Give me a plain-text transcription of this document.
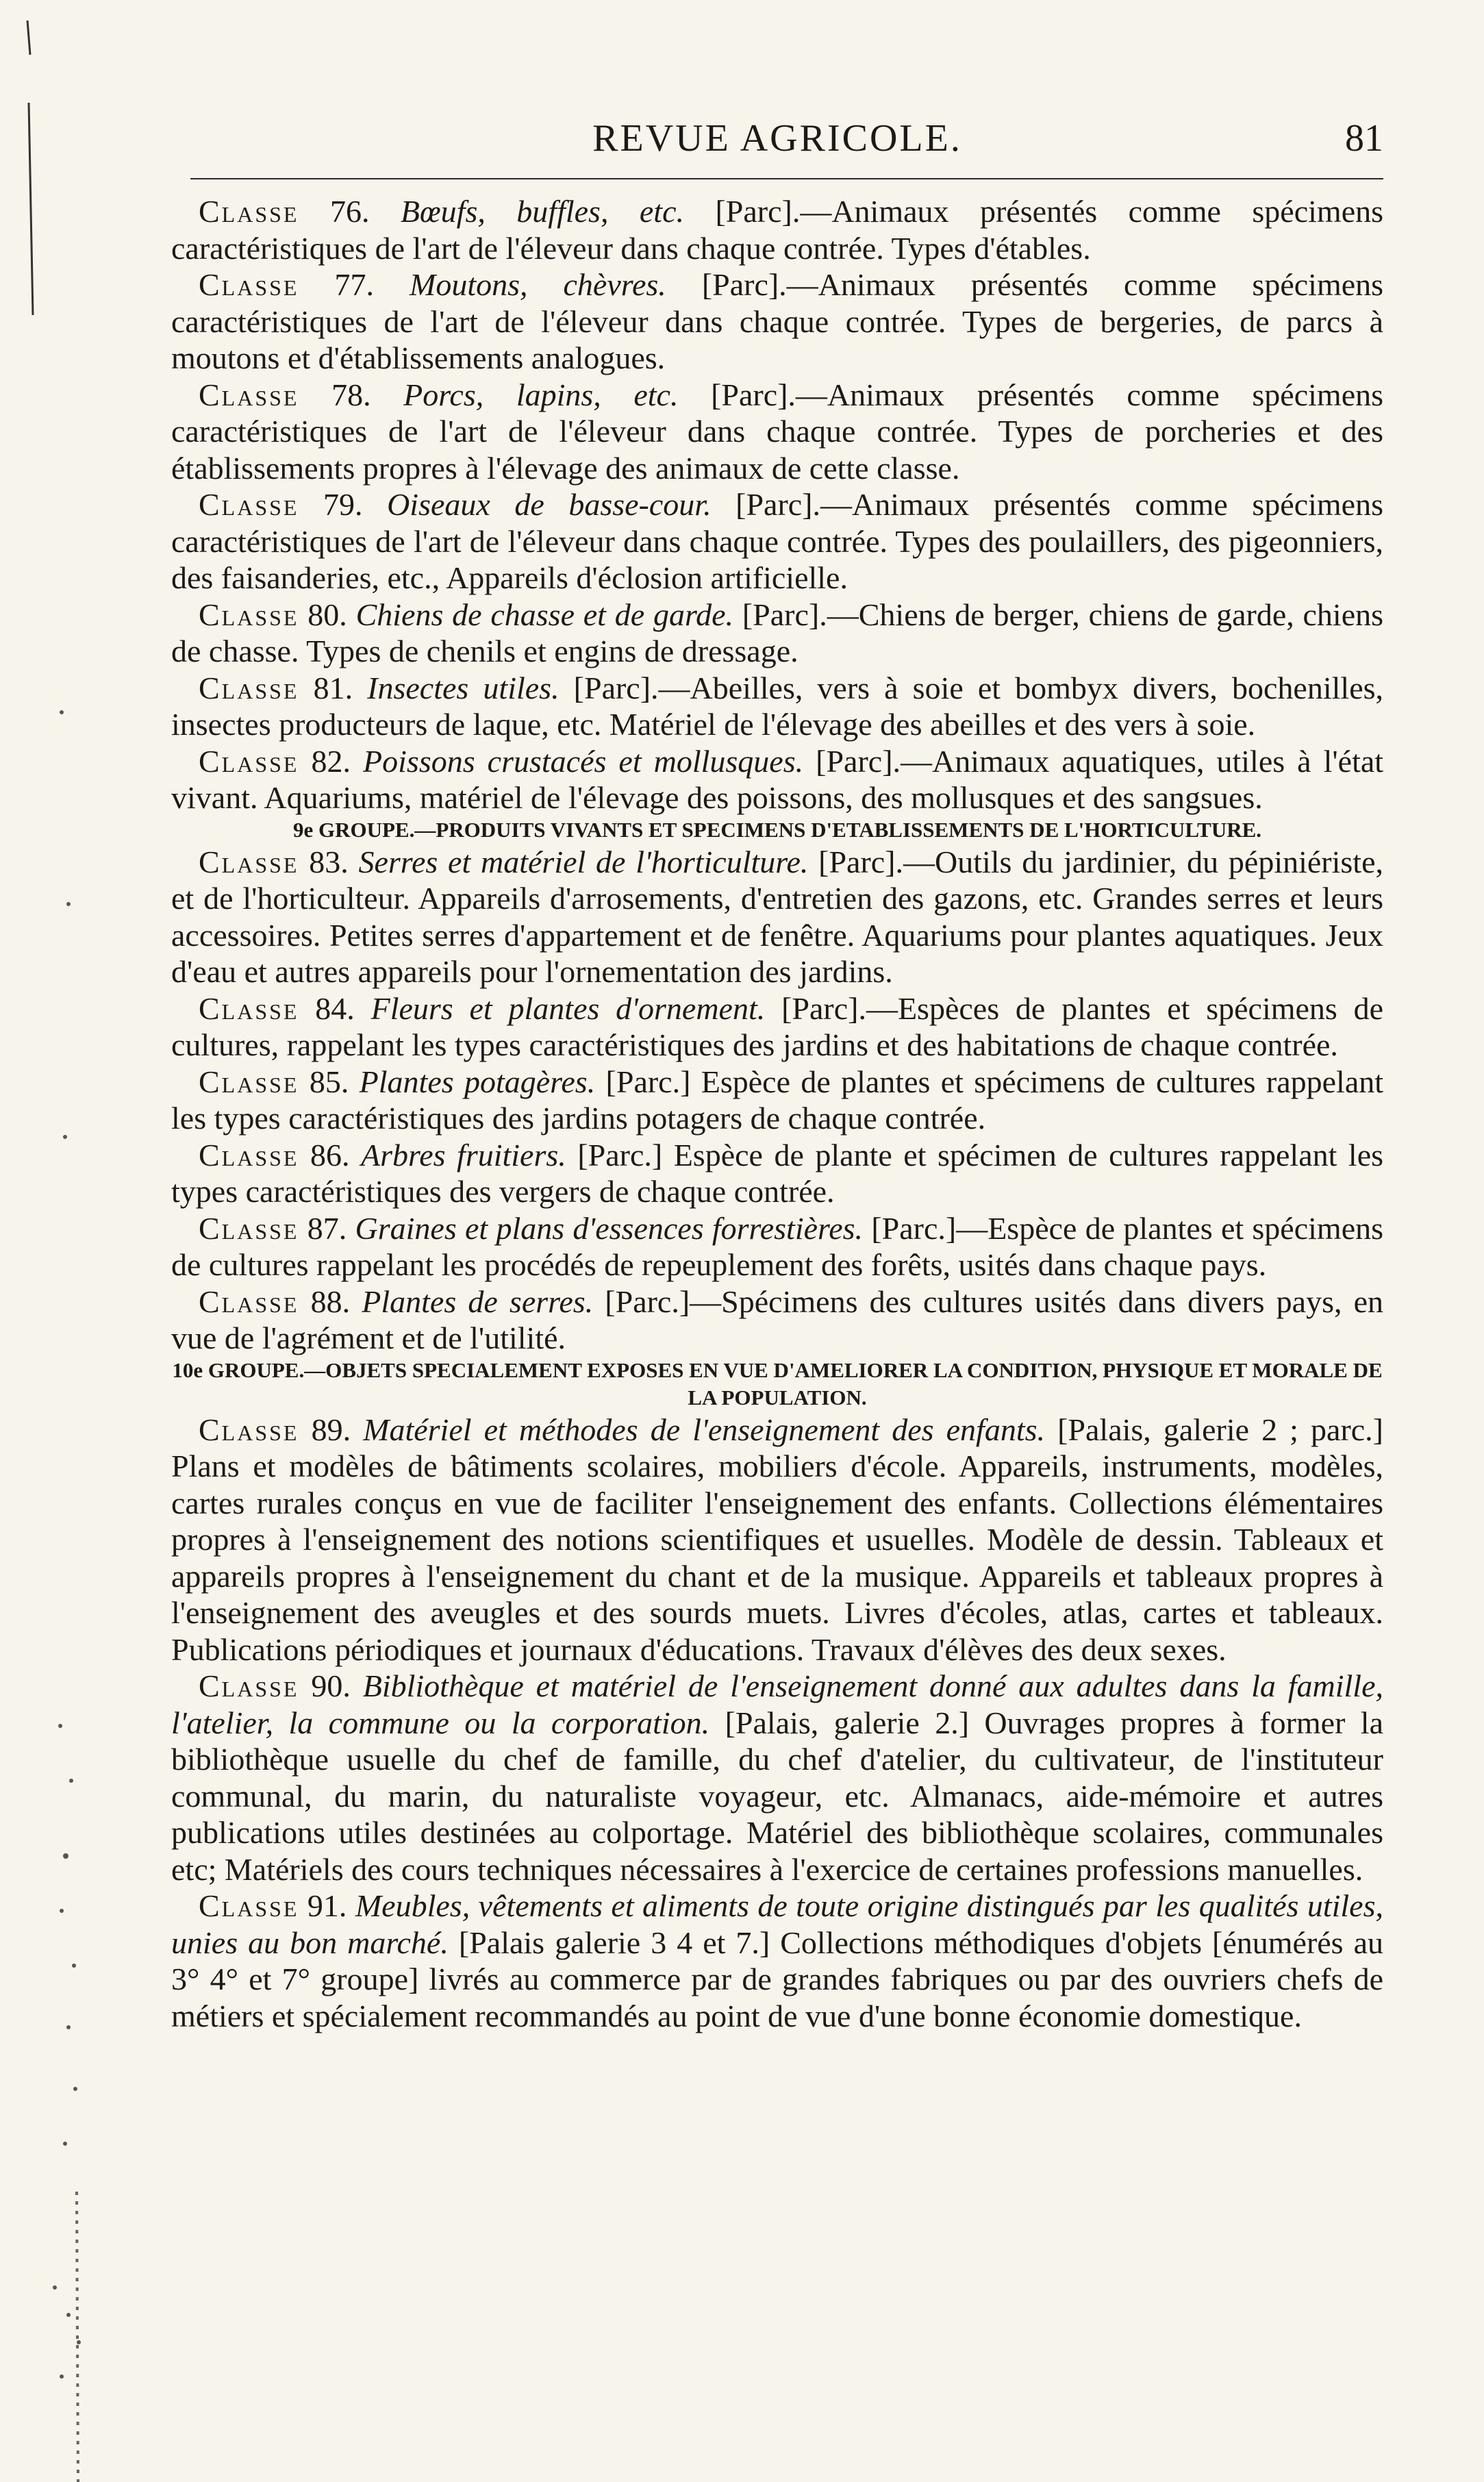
REVUE AGRICOLE.	81

Classe 76. Bœufs, buffles, etc. [Parc].—Animaux présentés comme spécimens caractéristiques de l'art de l'éleveur dans chaque contrée. Types d'étables.

Classe 77. Moutons, chèvres. [Parc].—Animaux présentés comme spécimens caractéristiques de l'art de l'éleveur dans chaque contrée. Types de bergeries, de parcs à moutons et d'établissements analogues.

Classe 78. Porcs, lapins, etc. [Parc].—Animaux présentés comme spécimens caractéristiques de l'art de l'éleveur dans chaque contrée. Types de porcheries et des établissements propres à l'élevage des animaux de cette classe.

Classe 79. Oiseaux de basse-cour. [Parc].—Animaux présentés comme spécimens caractéristiques de l'art de l'éleveur dans chaque contrée. Types des poulaillers, des pigeonniers, des faisanderies, etc., Appareils d'éclosion artificielle.

Classe 80. Chiens de chasse et de garde. [Parc].—Chiens de berger, chiens de garde, chiens de chasse. Types de chenils et engins de dressage.

Classe 81. Insectes utiles. [Parc].—Abeilles, vers à soie et bombyx divers, bochenilles, insectes producteurs de laque, etc. Matériel de l'élevage des abeilles et des vers à soie.

Classe 82. Poissons crustacés et mollusques. [Parc].—Animaux aquatiques, utiles à l'état vivant. Aquariums, matériel de l'élevage des poissons, des mollusques et des sangsues.

9e GROUPE.—PRODUITS VIVANTS ET SPECIMENS D'ETABLISSEMENTS DE L'HORTICULTURE.

Classe 83. Serres et matériel de l'horticulture. [Parc].—Outils du jardinier, du pépiniériste, et de l'horticulteur. Appareils d'arrosements, d'entretien des gazons, etc. Grandes serres et leurs accessoires. Petites serres d'appartement et de fenêtre. Aquariums pour plantes aquatiques. Jeux d'eau et autres appareils pour l'ornementation des jardins.

Classe 84. Fleurs et plantes d'ornement. [Parc].—Espèces de plantes et spécimens de cultures, rappelant les types caractéristiques des jardins et des habitations de chaque contrée.

Classe 85. Plantes potagères. [Parc.] Espèce de plantes et spécimens de cultures rappelant les types caractéristiques des jardins potagers de chaque contrée.

Classe 86. Arbres fruitiers. [Parc.] Espèce de plante et spécimen de cultures rappelant les types caractéristiques des vergers de chaque contrée.

Classe 87. Graines et plans d'essences forrestières. [Parc.]—Espèce de plantes et spécimens de cultures rappelant les procédés de repeuplement des forêts, usités dans chaque pays.

Classe 88. Plantes de serres. [Parc.]—Spécimens des cultures usités dans divers pays, en vue de l'agrément et de l'utilité.

10e GROUPE.—OBJETS SPECIALEMENT EXPOSES EN VUE D'AMELIORER LA CONDITION, PHYSIQUE ET MORALE DE LA POPULATION.

Classe 89. Matériel et méthodes de l'enseignement des enfants. [Palais, galerie 2 ; parc.] Plans et modèles de bâtiments scolaires, mobiliers d'école. Appareils, instruments, modèles, cartes rurales conçus en vue de faciliter l'enseignement des enfants. Collections élémentaires propres à l'enseignement des notions scientifiques et usuelles. Modèle de dessin. Tableaux et appareils propres à l'enseignement du chant et de la musique. Appareils et tableaux propres à l'enseignement des aveugles et des sourds muets. Livres d'écoles, atlas, cartes et tableaux. Publications périodiques et journaux d'éducations. Travaux d'élèves des deux sexes.

Classe 90. Bibliothèque et matériel de l'enseignement donné aux adultes dans la famille, l'atelier, la commune ou la corporation. [Palais, galerie 2.] Ouvrages propres à former la bibliothèque usuelle du chef de famille, du chef d'atelier, du cultivateur, de l'instituteur communal, du marin, du naturaliste voyageur, etc. Almanacs, aide-mémoire et autres publications utiles destinées au colportage. Matériel des bibliothèque scolaires, communales etc; Matériels des cours techniques nécessaires à l'exercice de certaines professions manuelles.

Classe 91. Meubles, vêtements et aliments de toute origine distingués par les qualités utiles, unies au bon marché. [Palais galerie 3 4 et 7.] Collections méthodiques d'objets [énumérés au 3° 4° et 7° groupe] livrés au commerce par de grandes fabriques ou par des ouvriers chefs de métiers et spécialement recommandés au point de vue d'une bonne économie domestique.
